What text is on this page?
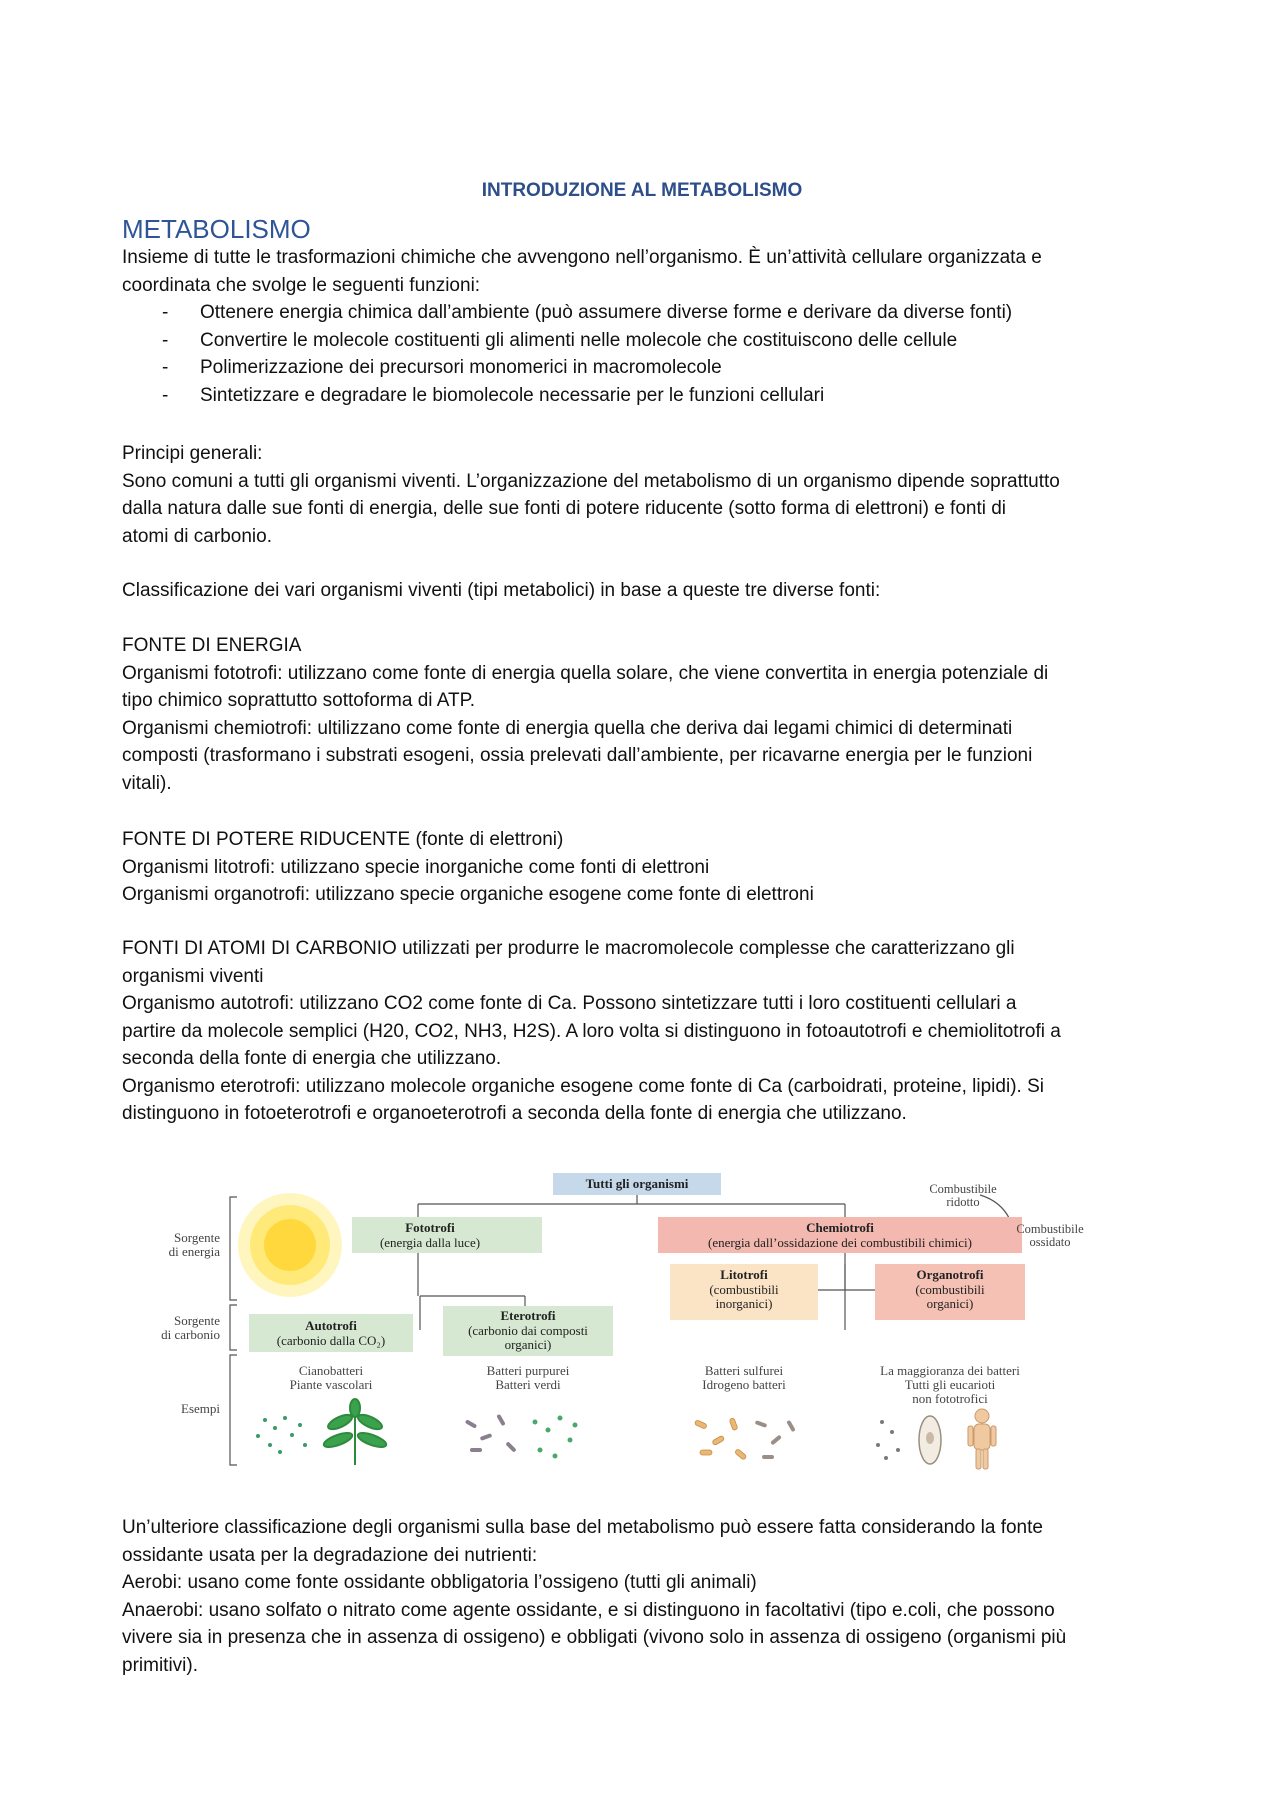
INTRODUZIONE AL METABOLISMO
METABOLISMO

Insieme di tutte le trasformazioni chimiche che avvengono nell’organismo. È un’attività cellulare organizzata e

coordinata che svolge le seguenti funzioni:

- Ottenere energia chimica dall’ambiente (può assumere diverse forme e derivare da diverse fonti)
- Convertire le molecole costituenti gli alimenti nelle molecole che costituiscono delle cellule
- Polimerizzazione dei precursori monomerici in macromolecole
- Sintetizzare e degradare le biomolecole necessarie per le funzioni cellulari

Principi generali:

Sono comuni a tutti gli organismi viventi. L’organizzazione del metabolismo di un organismo dipende soprattutto

dalla natura dalle sue fonti di energia, delle sue fonti di potere riducente (sotto forma di elettroni) e fonti di

atomi di carbonio.

Classificazione dei vari organismi viventi (tipi metabolici) in base a queste tre diverse fonti:

FONTE DI ENERGIA

Organismi fototrofi: utilizzano come fonte di energia quella solare, che viene convertita in energia potenziale di

tipo chimico soprattutto sottoforma di ATP.

Organismi chemiotrofi: ultilizzano come fonte di energia quella che deriva dai legami chimici di determinati

composti (trasformano i substrati esogeni, ossia prelevati dall’ambiente, per ricavarne energia per le funzioni

vitali).

FONTE DI POTERE RIDUCENTE (fonte di elettroni)

Organismi litotrofi: utilizzano specie inorganiche come fonti di elettroni

Organismi organotrofi: utilizzano specie organiche esogene come fonte di elettroni

FONTI DI ATOMI DI CARBONIO utilizzati per produrre le macromolecole complesse che caratterizzano gli

organismi viventi

Organismo autotrofi: utilizzano CO2 come fonte di Ca. Possono sintetizzare tutti i loro costituenti cellulari a

partire da molecole semplici (H20, CO2, NH3, H2S). A loro volta si distinguono in fotoautotrofi e chemiolitotrofi a

seconda della fonte di energia che utilizzano.

Organismo eterotrofi: utilizzano molecole organiche esogene come fonte di Ca (carboidrati, proteine, lipidi). Si

distinguono in fotoeterotrofi e organoeterotrofi a seconda della fonte di energia che utilizzano.

Un’ulteriore classificazione degli organismi sulla base del metabolismo può essere fatta considerando la fonte

ossidante usata per la degradazione dei nutrienti:

Aerobi: usano come fonte ossidante obbligatoria l’ossigeno (tutti gli animali)

Anaerobi: usano solfato o nitrato come agente ossidante, e si distinguono in facoltativi (tipo e.coli, che possono

vivere sia in presenza che in assenza di ossigeno) e obbligati (vivono solo in assenza di ossigeno (organismi più

primitivi).

Tutti gli organismi
Fototrofi
(energia dalla luce)
Chemiotrofi
(energia dall’ossidazione dei combustibili chimici)
Litotrofi
(combustibili
inorganici)
Organotrofi
(combustibili
organici)
Autotrofi
(carbonio dalla CO₂)
Eterotrofi
(carbonio dai composti
organici)
Sorgente
di energia
Sorgente
di carbonio
Esempi
Combustibile
ridotto
Combustibile
ossidato
Cianobatteri
Piante vascolari
Batteri purpurei
Batteri verdi
Batteri sulfurei
Idrogeno batteri
La maggioranza dei batteri
Tutti gli eucarioti
non fototrofici
